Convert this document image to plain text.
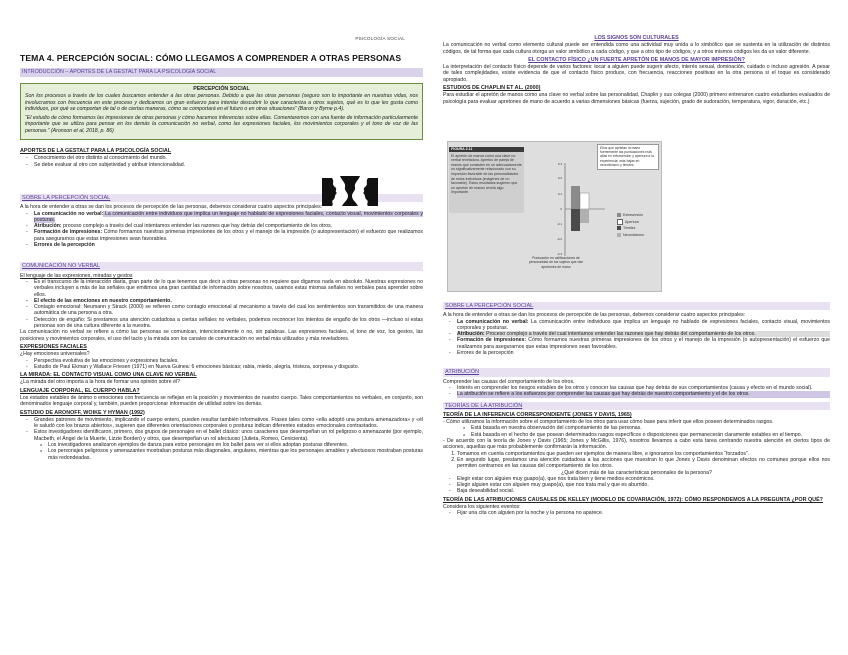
PSICOLOGÍA SOCIAL
TEMA 4. PERCEPCIÓN SOCIAL: CÓMO LLEGAMOS A COMPRENDER A OTRAS PERSONAS
INTRODUCCIÓN – APORTES DE LA GESTALT PARA LA PSICOLOGÍA SOCIAL
PERCEPCIÓN SOCIAL

Son los procesos a través de los cuales buscamos entender a las otras personas. Debido a que las otras personas (seguro son lo importante en nuestras vidas, nos involucramos con frecuencia en este proceso y dedicamos un gran esfuerzo para intentar descubrir lo que caracteriza a otros sujetos, qué es lo que les gusta como individuos, por qué se comportan de tal o de ciertas maneras, cómo se comportará en el futuro o en otras situaciones” (Baron y Byrne p.4).

“El estudio de cómo formamos las impresiones de otras personas y cómo hacemos inferencias sobre ellas. Comentaremos con una fuente de información particularmente importante que se utiliza para pensar en los demás la comunicación no verbal, como las expresiones faciales, los movimientos corporales y el tono de voz de las personas.” (Aronson et al, 2018, p. 86)

APORTES DE LA GESTALT PARA LA PSICOLOGÍA SOCIAL
- Conocimiento del otro distinto al conocimiento del mundo.
- Se debe evaluar al otro con subjetividad y atribuir intencionalidad.
SOBRE LA PERCEPCIÓN SOCIAL

A la hora de entender a otras se dan los procesos de percepción de las personas, debemos considerar cuatro aspectos principales:

- La comunicación no verbal: La comunicación entre individuos que implica un lenguaje no hablado de expresiones faciales, contacto visual, movimientos corporales y posturas.
- Atribución: proceso complejo a través del cual intentamos entender las razones que hay detrás del comportamiento de los otros.
- Formación de impresiones: Cómo formamos nuestras primeras impresiones de los otros y el manejo de la impresión (o autopresentación) el esfuerzo que realizamos para asegurarnos que estas impresiones sean favorables.
- Errores de la percepción
COMUNICACIÓN NO VERBAL

El lenguaje de las expresiones, miradas y gestos

- Es el transcurso de la interacción diaria, gran parte de lo que tenemos que decir a otras personas no requiere que digamos nada en absoluto. Nuestras expresiones no verbales incluyen a más de las señales que emitimos una gran cantidad de información sobre nosotros, usamos estas mismas señales no verbales para aprender sobre ellos.
- El efecto de las emociones en nuestro comportamiento.
- Contagio emocional: Neumann y Strack (2000) se refieren como contagio emocional al mecanismo a través del cual los sentimientos son transmitidos de una manera automática de una persona a otra.
- Detección de engaño: Si prestamos una atención cuidadosa a ciertas señales no verbales, podemos reconocer los intentos de engaño de los otros —incluso si estas personas son de una cultura diferente a la nuestra.

La comunicación no verbal se refiere a cómo las personas se comunican, intencionalmente o no, sin palabras. Las expresiones faciales, el tono de voz, los gestos, las posiciones y movimientos corporales, el uso del tacto y la mirada son los canales de comunicación no verbal más utilizados y más reveladores.

EXPRESIONES FACIALES

¿Hay emociones universales?

- Perspectiva evolutiva de las emociones y expresiones faciales.
- Estudio de Paul Ekman y Wallace Friesen (1971) en Nueva Guinea: 6 emociones básicas; rabia, miedo, alegría, tristeza, sorpresa y disgusto.
LA MIRADA: EL CONTACTO VISUAL COMO UNA CLAVE NO VERBAL

¿La mirada del otro importa a la hora de formar una opinión sobre él?

LENGUAJE CORPORAL, EL CUERPO HABLA?

Los estados estables de ánimo o emociones con frecuencia se reflejan en la posición y movimientos de nuestro cuerpo. Tales comportamientos no verbales, en conjunto, son denominados lenguaje corporal y, también, pueden proporcionar información de utilidad sobre los demás.

ESTUDIO DE ARONOFF, WOIKE Y HYMAN (1992)
- Grandes patrones de movimiento, implicando el cuerpo entero, pueden resultar también informativos. Frases tales como «ella adoptó una postura amenazadora» y «él le saludó con los brazos abiertos», sugieren que diferentes orientaciones corporales o posturas indican diferentes estados emocionales contrastados.
- Estos investigadores identificaron, primero, dos grupos de personajes en el ballet clásico: unos caracteres que desempeñan un rol peligroso o amenazante (por ejemplo, Macbeth, el Ángel de la Muerte, Lizzie Borden) y otros, que desempeñan un rol afectuoso (Julieta, Romeo, Cenicienta).
o Los investigadores analizaron ejemplos de danza para estos personajes en los ballet para ver si ellos adoptan posturas diferentes.
o Los personajes peligrosos y amenazantes mostraban posturas más diagonales, angulares, mientras que los personajes amables y afectuosos mostraban posturas más redondeadas.
LOS SIGNOS SON CULTURALES

La comunicación no verbal como elemento cultural puede ser entendida como una actividad muy unida a lo simbólico que se sustenta en la utilización de distintos códigos, de tal forma que cada cultura otorga un valor simbólico a cada código, y que a otro tipo de códigos, y a otros mismos códigos les da un valor diferente.

EL CONTACTO FÍSICO ¿UN FUERTE APRETÓN DE MANOS DE MAYOR IMPRESIÓN?

La interpretación del contacto físico depende de varios factores: tocar a alguien puede sugerir afecto, interés sexual, dominación, cuidado o incluso agresión. A pesar de tales complejidades, existe evidencia de que el contacto físico produce, con frecuencia, reacciones positivas en la otra persona si el toque es considerado apropiado.

ESTUDIOS DE CHAPLIN ET AL. (2000)

Para estudiar el apretón de manos como una clave no verbal sobre las personalidad, Chaplin y sus colegas (2000) primero entrenaron cuatro estudiantes evaluados de psicología para evaluar apretones de mano de acuerdo a varias dimensiones básicas (fuerza, sujeción, grado de sudoración, temperatura, vigor, duración, etc.)

FIGURA 2.11
El apretón de manos como una clave no verbal reveladora. Apretos de pareja de manos que consisten en un adecuadamente un significativamente relacionado con su impresión favorable de las personalidades de estos individuos (imágenes de un favorable). Estos resultados sugieren que un apretón de manos revela algo importante.
0.3
0.2
0.1
0
-0.1
-0.2
-0.3
Ellos que aprietan la mano fuertemente las puntuaciones más altas en extraversión y apertura a la experiencia; más bajas en neuroticismo y timidez.
Extraversión
Apertura
Timidez
Neuroticismo
Puntuación en calificaciones de personalidad de los sujetos que dan apretones de mano
SOBRE LA PERCEPCIÓN SOCIAL

A la hora de entender a otras se dan los procesos de percepción de las personas, debemos considerar cuatro aspectos principales:

- La comunicación no verbal: La comunicación entre individuos que implica un lenguaje no hablado de expresiones faciales, contacto visual, movimientos corporales y posturas.
- Atribución: Proceso complejo a través del cual intentamos entender las razones que hay detrás del comportamiento de los otros.
- Formación de impresiones: Cómo formamos nuestras primeras impresiones de los otros y el manejo de la impresión (o autopresentación) el esfuerzo que realizamos para asegurarnos que estas impresiones sean favorables.
- Errores de la percepción
ATRIBUCIÓN

Comprender las causas del comportamiento de los otros.

- Interés en comprender los riesgos estables de los otros y conocer las causas que hay detrás de sus comportamientos (causa y efecto en el mundo social).
- La atribución se refiere a los esfuerzos por comprender las causas que hay detrás de nuestro comportamiento y el de los otros.
TEORÍAS DE LA ATRIBUCIÓN
TEORÍA DE LA INFERENCIA CORRESPONDIENTE (JONES Y DAVIS, 1965)

- Cómo utilizamos la información sobre el comportamiento de los otros para usar cómo base para inferir que ellos poseen determinados rasgos.

o Está basada en nuestra observación del comportamiento de las personas.
o Está basada en el hecho de que posean determinados rasgos específicos o disposiciones que permanecerán claramente estables en el tiempo.

- De acuerdo con la teoría de Jones y Davis (1965; Jones y McGillis, 1976), nosotros llevamos a cabo esta tarea centrando nuestra atención en ciertos tipos de acciones, aquellas que más probablemente confirmarán la información.

1. Tomamos en cuenta comportamientos que pueden ser ejemplos de manera libre, e ignoramos los comportamientos “forzados”.
2. En segundo lugar, prestamos una atención cuidadosa a las acciones que muestran lo que Jones y Davis denominan efectos no comunes porque ellos nos permiten centrarnos en las causas del comportamiento de los otros.

¿Qué dicen más de las características personales de la persona?

- Elegir estar con alguien muy guapo(a), que nos trata bien y tiene medios económicos.
- Elegir alguien estar con alguien muy guapo(a), que nos trata mal y que es aburrido.
- Baja deseabilidad social.
TEORÍA DE LAS ATRIBUCIONES CAUSALES DE KELLEY (MODELO DE COVARIACIÓN, 1972): CÓMO RESPONDEMOS A LA PREGUNTA ¿POR QUÉ?

Considera los siguientes eventos:

- Fijar una cita con alguien por la noche y la persona no aparece.
